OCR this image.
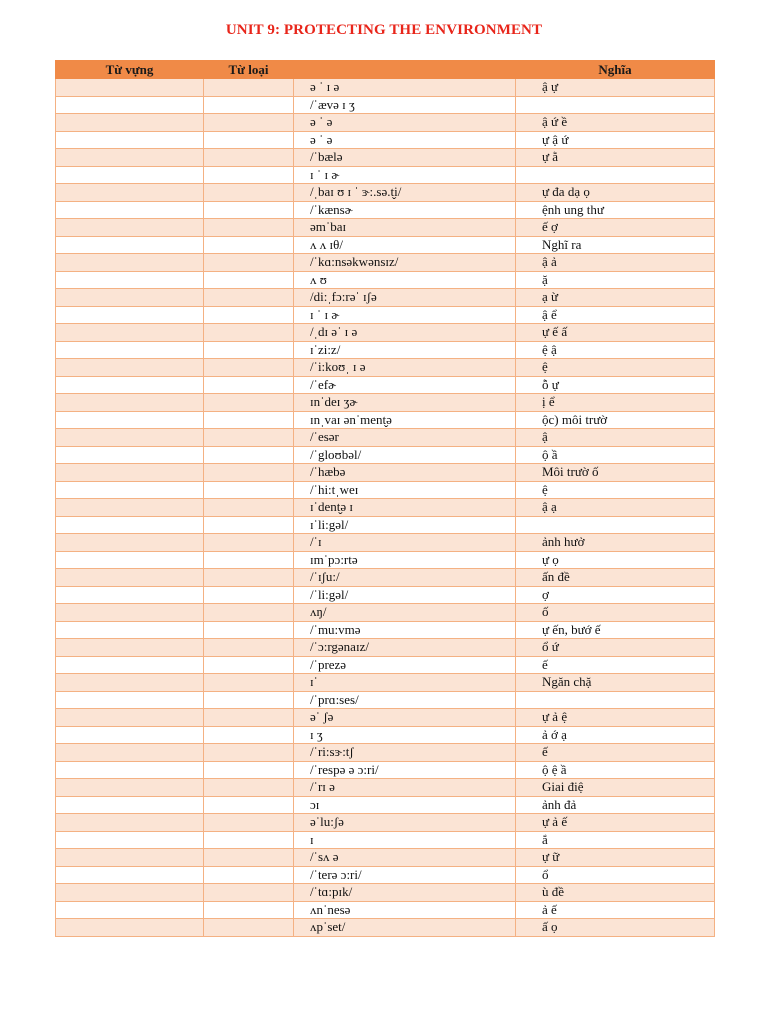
UNIT 9: PROTECTING THE ENVIRONMENT
Từ vựng	Từ loại		Nghĩa
		ə ˈ ɪ ə	ậ ự
		/ˈævə ɪ ʒ	
		ə ˈ ə	ậ ứ ề
		ə ˈ ə	ự ậ ứ
		/ˈbælə	ự ằ
		ɪ ˈ ɪ ɚ	
		/ˌbaɪ ʊ ɪ ˈ ɝ:.sə.t̬i/	ự đa dạ ọ
		/ˈkænsɚ	ệnh ung thư
		əmˈbaɪ	ế ợ
		ʌ ʌ ɪθ/	Nghĩ ra
		/ˈkɑ:nsəkwənsɪz/	ậ ả
		ʌ ʊ	ặ
		/di:ˌfɔ:rəˈ ɪʃə	ạ ừ
		ɪ ˈ ɪ ɚ	ậ ể
		/ˌdɪ əˈ ɪ ə	ự ế ấ
		ɪˈzi:z/	ệ ậ
		/ˈi:koʊˌ ɪ ə	ệ
		/ˈefɚ	ỗ ự
		ɪnˈdeɪ ʒɚ	ị ể
		ɪnˌvaɪ ənˈment̬ə	ộc) môi trườ
		/ˈesər	ậ
		/ˈgloʊbəl/	ộ ầ
		/ˈhæbə	Môi trườ ố
		/ˈhi:tˌweɪ	ệ
		ɪˈdent̬ə ɪ	ậ ạ
		ɪˈli:gəl/	
		/ˈɪ	ảnh hưở
		ɪmˈpɔ:rtə	ự ọ
		/ˈɪʃu:/	ấn đề
		/ˈli:gəl/	ợ
		ʌŋ/	ố
		/ˈmu:vmə	ự ến, bướ ế
		/ˈɔ:rgənaɪz/	ổ ứ
		/ˈprezə	ế
		ɪˈ	Ngăn chặ
		/ˈprɑ:ses/	
		əˈ ʃə	ự ả ệ
		ɪ ʒ	ả ớ ạ
		/ˈri:sɝ:tʃ	ế
		/ˈrespə ə ɔ:ri/	ộ ệ ầ
		/ˈrɪ ə	Giai điệ
		ɔɪ	ảnh đả
		əˈlu:ʃə	ự ả ế
		ɪ	ắ
		/ˈsʌ ə	ự ữ
		/ˈterə ɔ:ri/	ổ
		/ˈtɑ:pɪk/	ù đề
		ʌnˈnesə	ả ế
		ʌpˈset/	ấ ọ
